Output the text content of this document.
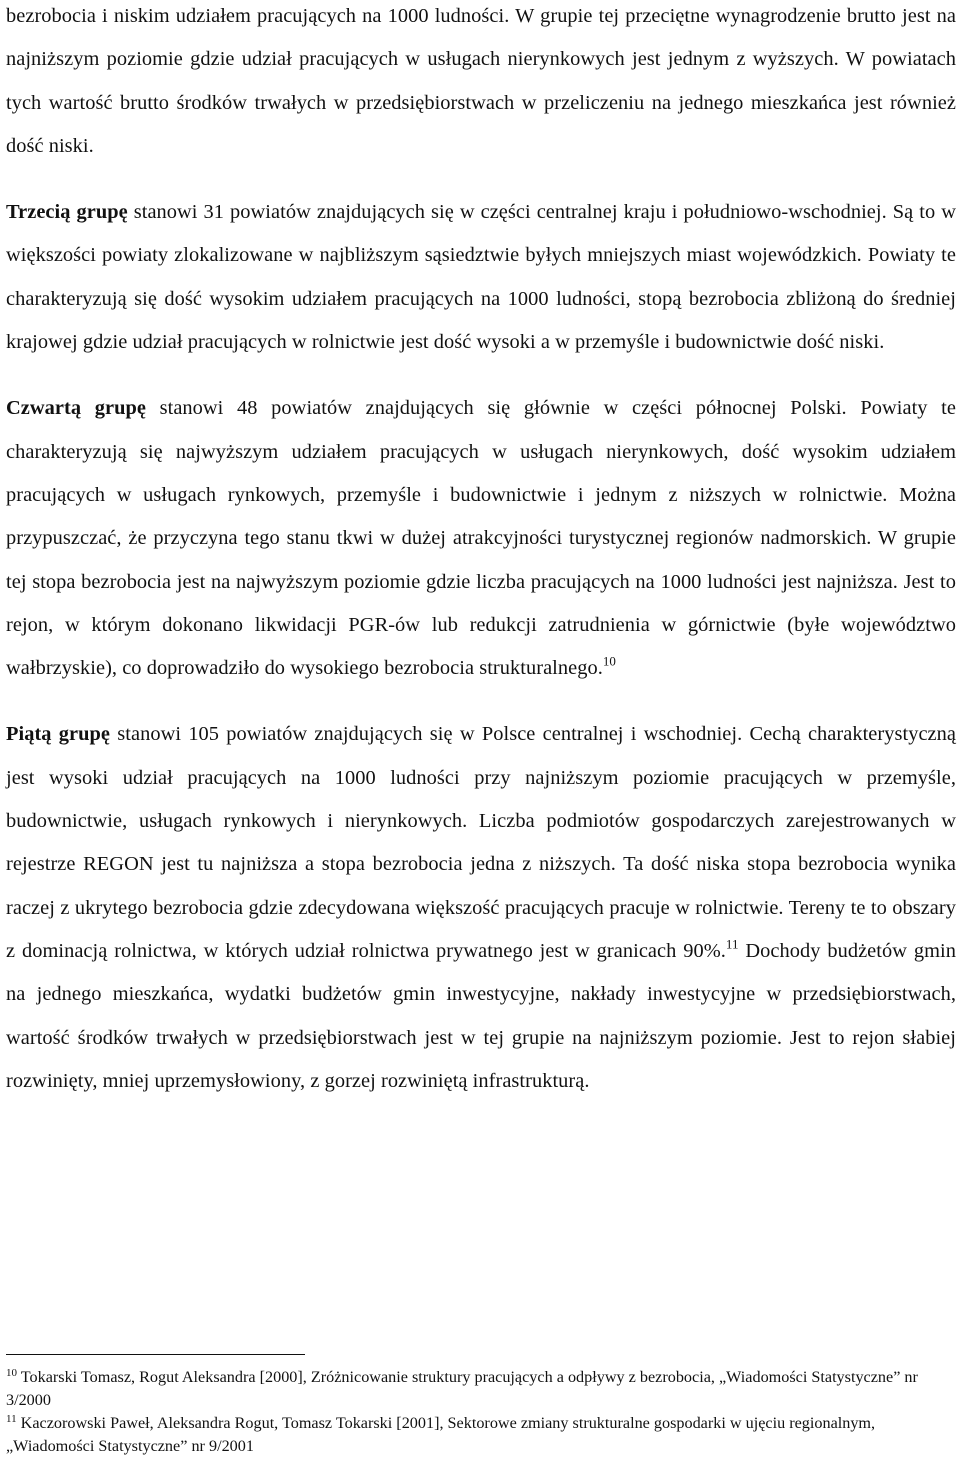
bezrobocia i niskim udziałem pracujących na 1000 ludności. W grupie tej przeciętne wynagrodzenie brutto jest na najniższym poziomie gdzie udział pracujących w usługach nierynkowych jest jednym z wyższych. W powiatach tych wartość brutto środków trwałych w przedsiębiorstwach w przeliczeniu na jednego mieszkańca jest również dość niski.

Trzecią grupę stanowi 31 powiatów znajdujących się w części centralnej kraju i południowo-wschodniej. Są to w większości powiaty zlokalizowane w najbliższym sąsiedztwie byłych mniejszych miast wojewódzkich. Powiaty te charakteryzują się dość wysokim udziałem pracujących na 1000 ludności, stopą bezrobocia zbliżoną do średniej krajowej gdzie udział pracujących w rolnictwie jest dość wysoki a w przemyśle i budownictwie dość niski.

Czwartą grupę stanowi 48 powiatów znajdujących się głównie w części północnej Polski. Powiaty te charakteryzują się najwyższym udziałem pracujących w usługach nierynkowych, dość wysokim udziałem pracujących w usługach rynkowych, przemyśle i budownictwie i jednym z niższych w rolnictwie. Można przypuszczać, że przyczyna tego stanu tkwi w dużej atrakcyjności turystycznej regionów nadmorskich. W grupie tej stopa bezrobocia jest na najwyższym poziomie gdzie liczba pracujących na 1000 ludności jest najniższa. Jest to rejon, w którym dokonano likwidacji PGR-ów lub redukcji zatrudnienia w górnictwie (byłe województwo wałbrzyskie), co doprowadziło do wysokiego bezrobocia strukturalnego.$^{10}$

Piątą grupę stanowi 105 powiatów znajdujących się w Polsce centralnej i wschodniej. Cechą charakterystyczną jest wysoki udział pracujących na 1000 ludności przy najniższym poziomie pracujących w przemyśle, budownictwie, usługach rynkowych i nierynkowych. Liczba podmiotów gospodarczych zarejestrowanych w rejestrze REGON jest tu najniższa a stopa bezrobocia jedna z niższych. Ta dość niska stopa bezrobocia wynika raczej z ukrytego bezrobocia gdzie zdecydowana większość pracujących pracuje w rolnictwie. Tereny te to obszary z dominacją rolnictwa, w których udział rolnictwa prywatnego jest w granicach 90%.$^{11}$ Dochody budżetów gmin na jednego mieszkańca, wydatki budżetów gmin inwestycyjne, nakłady inwestycyjne w przedsiębiorstwach, wartość środków trwałych w przedsiębiorstwach jest w tej grupie na najniższym poziomie. Jest to rejon słabiej rozwinięty, mniej uprzemysłowiony, z gorzej rozwiniętą infrastrukturą.

$^{10}$ Tokarski Tomasz, Rogut Aleksandra [2000], Zróżnicowanie struktury pracujących a odpływy z bezrobocia, „Wiadomości Statystyczne” nr 3/2000

$^{11}$ Kaczorowski Paweł, Aleksandra Rogut, Tomasz Tokarski [2001], Sektorowe zmiany strukturalne gospodarki w ujęciu regionalnym, „Wiadomości Statystyczne” nr 9/2001
